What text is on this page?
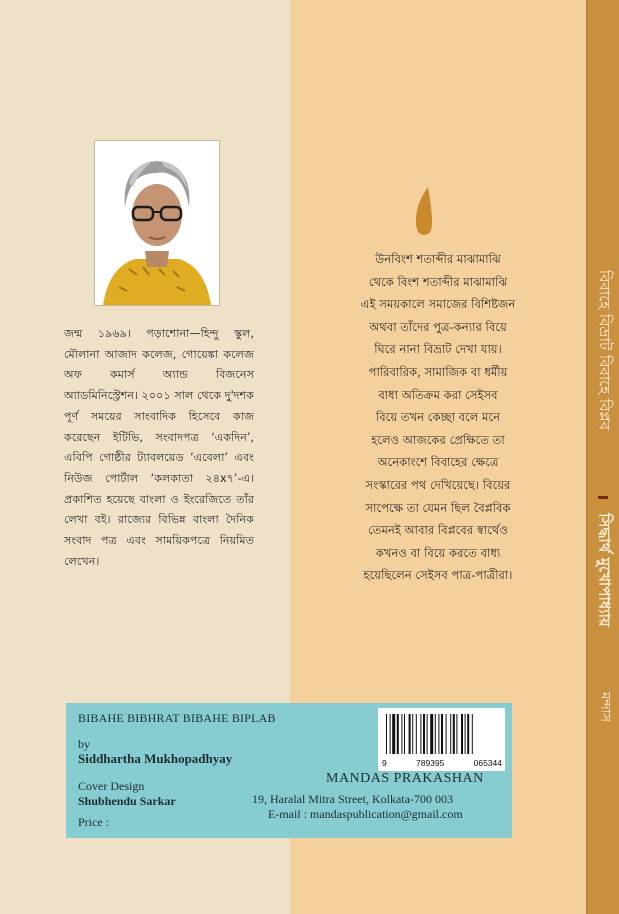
জন্ম ১৯৬৯। পড়াশোনা—হিন্দু স্কুল, মৌলানা আজাদ কলেজ, গোয়েঙ্কা কলেজ অফ কমার্স অ্যান্ড বিজনেস অ্যাডমিনিস্ট্রেশন। ২০০১ সাল থেকে দু'দশক পূর্ণ সময়ের সাংবাদিক হিসেবে কাজ করেছেন ইটিভি, সংবাদপত্র ‘একদিন’, এবিপি গোষ্ঠীর ট্যাবলয়েড ‘এবেলা’ এবং নিউজ পোর্টাল ‘কলকাতা ২৪x৭’-এ। প্রকাশিত হয়েছে বাংলা ও ইংরেজিতে তাঁর লেখা বই। রাজ্যের বিভিন্ন বাংলা দৈনিক সংবাদ পত্র এবং সাময়িকপত্রে নিয়মিত লেখেন।

উনবিংশ শতাব্দীর মাঝামাঝি
থেকে বিংশ শতাব্দীর মাঝামাঝি
এই সময়কালে সমাজের বিশিষ্টজন
অথবা তাঁদের পুত্র-কন্যার বিয়ে
ঘিরে নানা বিভ্রাট দেখা যায়।
পারিবারিক, সামাজিক বা ধর্মীয়
বাধা অতিক্রম করা সেইসব
বিয়ে তখন কেচ্ছা বলে মনে
হলেও আজকের প্রেক্ষিতে তা
অনেকাংশে বিবাহের ক্ষেত্রে
সংস্কারের পথ দেখিয়েছে। বিয়ের
সাপেক্ষে তা যেমন ছিল বৈপ্লবিক
তেমনই আবার বিপ্লবের স্বার্থেও
কখনও বা বিয়ে করতে বাধ্য
হয়েছিলেন সেইসব পাত্র-পাত্রীরা।
BIBAHE BIBHRAT BIBAHE BIPLAB
by
Siddhartha Mukhopadhyay
Cover Design
Shubhendu Sarkar
Price :
MANDAS PRAKASHAN
19, Haralal Mitra Street, Kolkata-700 003
E-mail : mandaspublication@gmail.com
9	789395	065344
বিবাহে বিভ্রাট বিবাহে বিপ্লব
সিদ্ধার্থ মুখোপাধ্যায়
মন্দাস
